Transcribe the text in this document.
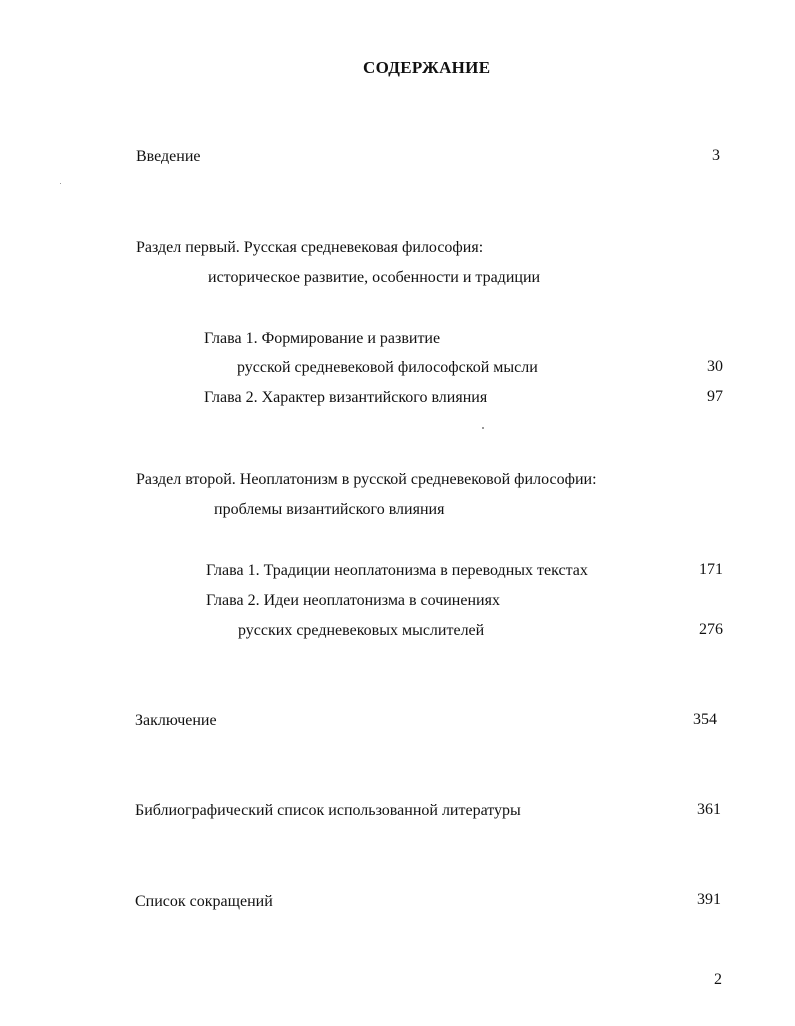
СОДЕРЖАНИЕ
Введение	3
Раздел первый. Русская средневековая философия:
историческое развитие, особенности и традиции
Глава 1. Формирование и развитие
русской средневековой философской мысли	30
Глава 2. Характер византийского влияния	97
Раздел второй. Неоплатонизм в русской средневековой философии:
проблемы византийского влияния
Глава 1. Традиции неоплатонизма в переводных текстах	171
Глава 2. Идеи неоплатонизма в сочинениях
русских средневековых мыслителей	276
Заключение	354
Библиографический список использованной литературы	361
Список сокращений	391
2
